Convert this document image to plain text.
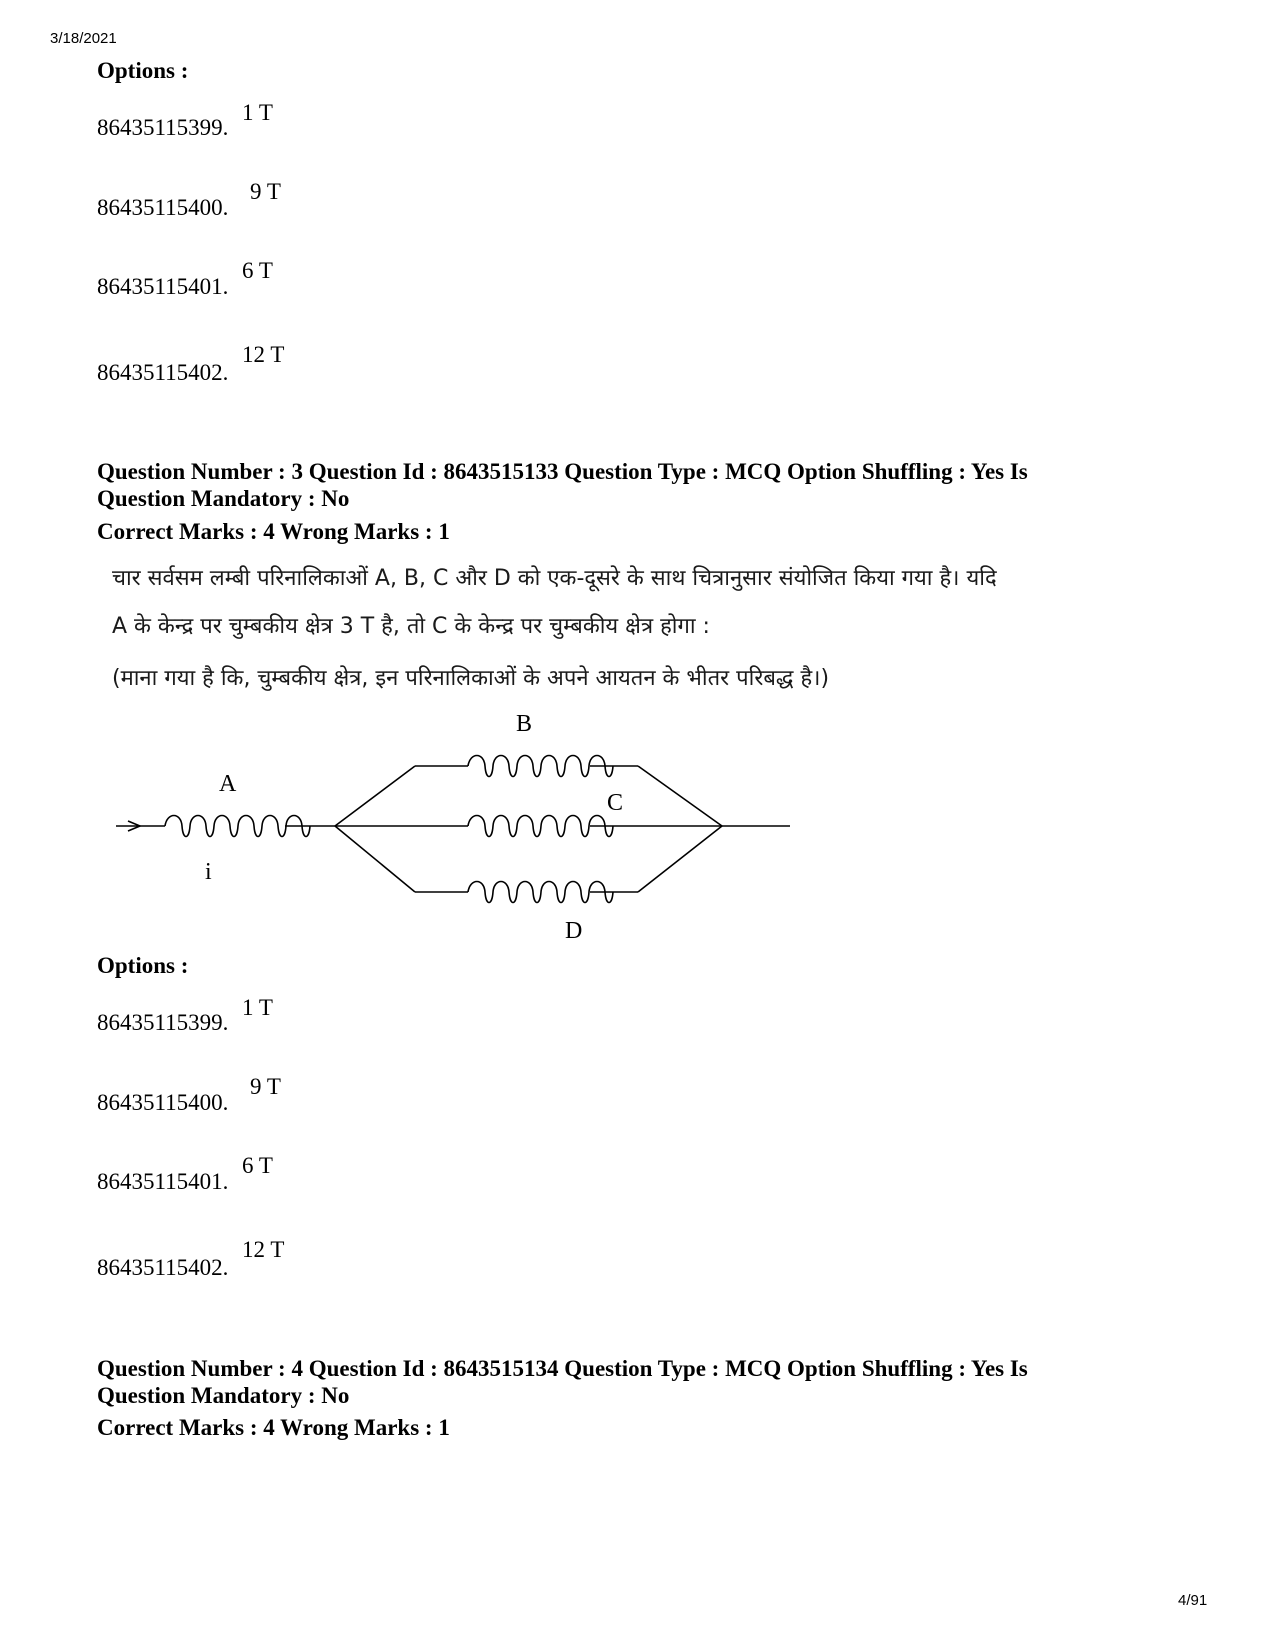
3/18/2021
Options :
86435115399.
1 T
86435115400.
9 T
86435115401.
6 T
86435115402.
12 T
Question Number : 3 Question Id : 8643515133 Question Type : MCQ Option Shuffling : Yes Is
Question Mandatory : No
Correct Marks : 4 Wrong Marks : 1
चार सर्वसम लम्बी परिनालिकाओं A, B, C और D को एक-दूसरे के साथ चित्रानुसार संयोजित किया गया है। यदि
A के केन्द्र पर चुम्बकीय क्षेत्र 3 T है, तो C के केन्द्र पर चुम्बकीय क्षेत्र होगा :
(माना गया है कि, चुम्बकीय क्षेत्र, इन परिनालिकाओं के अपने आयतन के भीतर परिबद्ध है।)
A
B
C
D
i
Options :
86435115399.
1 T
86435115400.
9 T
86435115401.
6 T
86435115402.
12 T
Question Number : 4 Question Id : 8643515134 Question Type : MCQ Option Shuffling : Yes Is
Question Mandatory : No
Correct Marks : 4 Wrong Marks : 1
4/91
